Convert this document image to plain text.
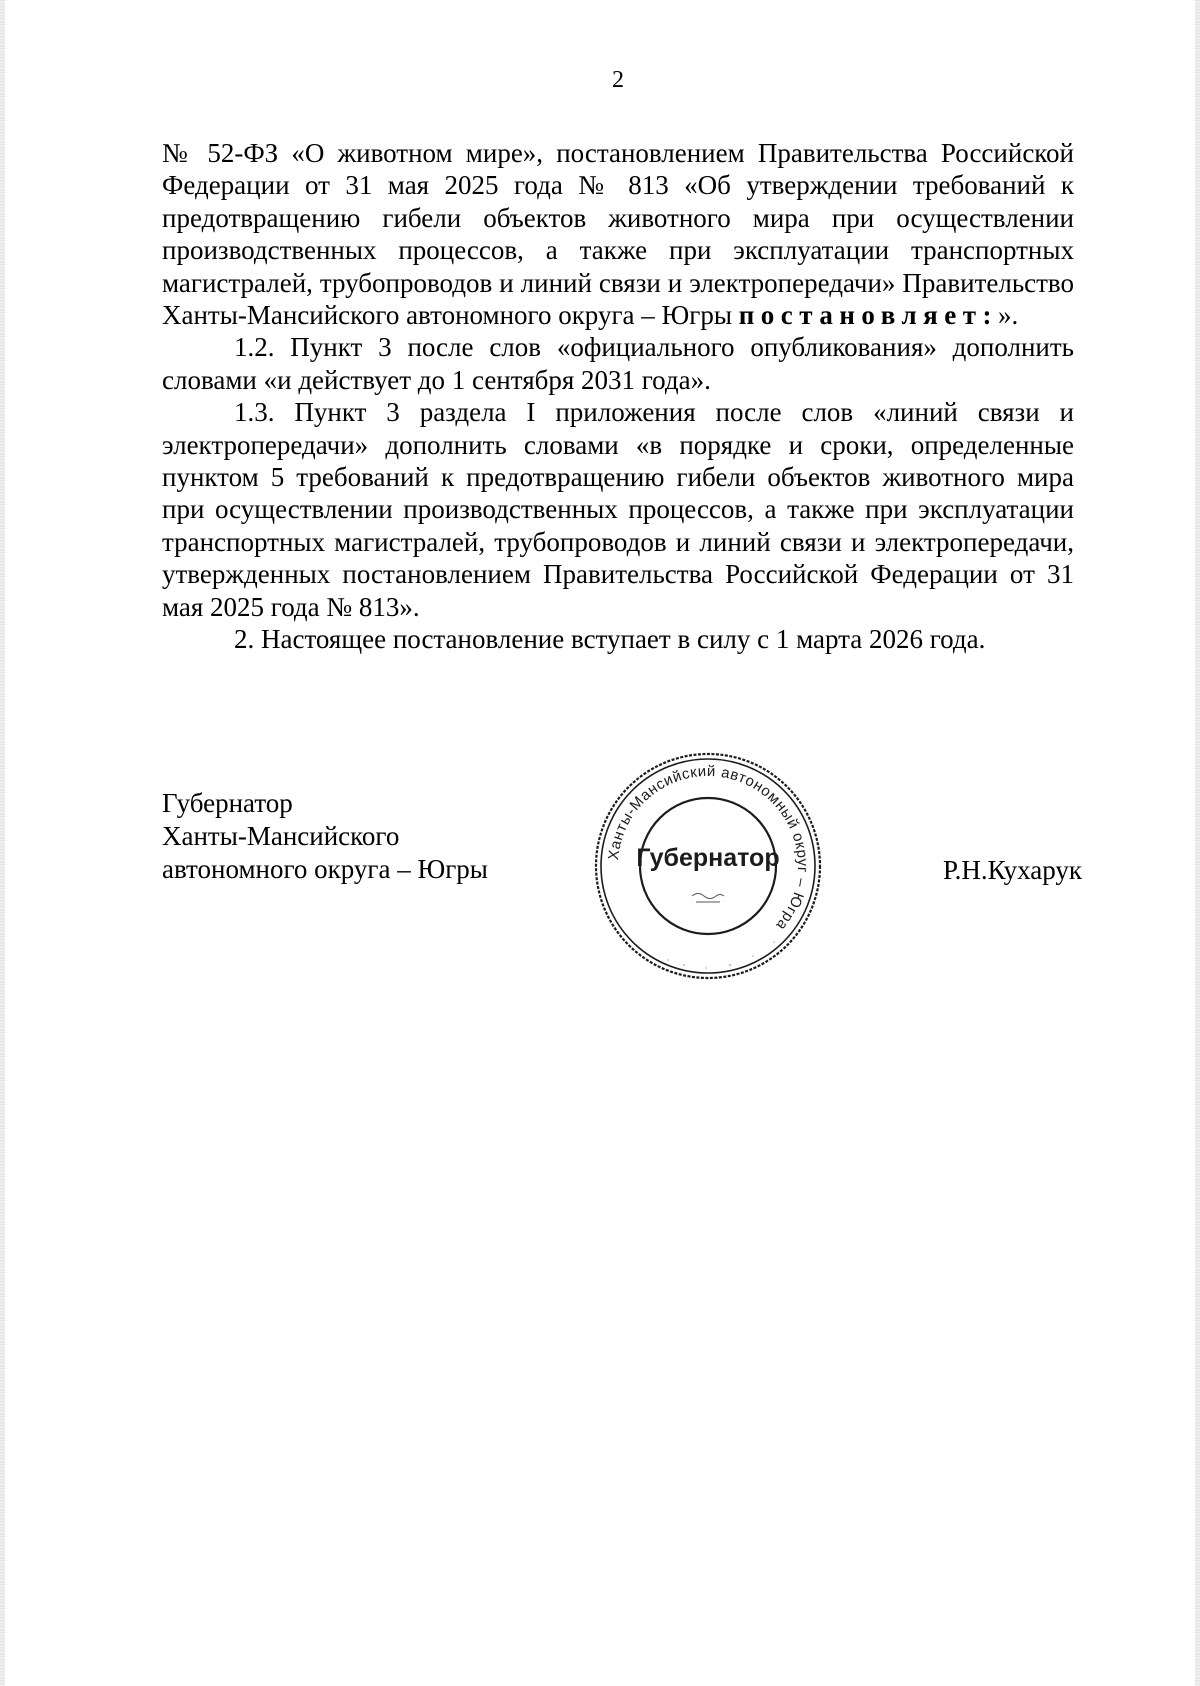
2

№ 52-ФЗ «О животном мире», постановлением Правительства Российской Федерации от 31 мая 2025 года № 813 «Об утверждении требований к предотвращению гибели объектов животного мира при осуществлении производственных процессов, а также при эксплуатации транспортных магистралей, трубопроводов и линий связи и электропередачи» Правительство Ханты-Мансийского автономного округа – Югры постановляет:».

1.2. Пункт 3 после слов «официального опубликования» дополнить словами «и действует до 1 сентября 2031 года».

1.3. Пункт 3 раздела I приложения после слов «линий связи и электропередачи» дополнить словами «в порядке и сроки, определенные пунктом 5 требований к предотвращению гибели объектов животного мира при осуществлении производственных процессов, а также при эксплуатации транспортных магистралей, трубопроводов и линий связи и электропередачи, утвержденных постановлением Правительства Российской Федерации от 31 мая 2025 года № 813».

2. Настоящее постановление вступает в силу с 1 марта 2026 года.

Губернатор
Ханты-Мансийского
автономного округа – Югры	Ханты-Мансийский автономный округ – Югра
Губернатор	Р.Н.Кухарук
